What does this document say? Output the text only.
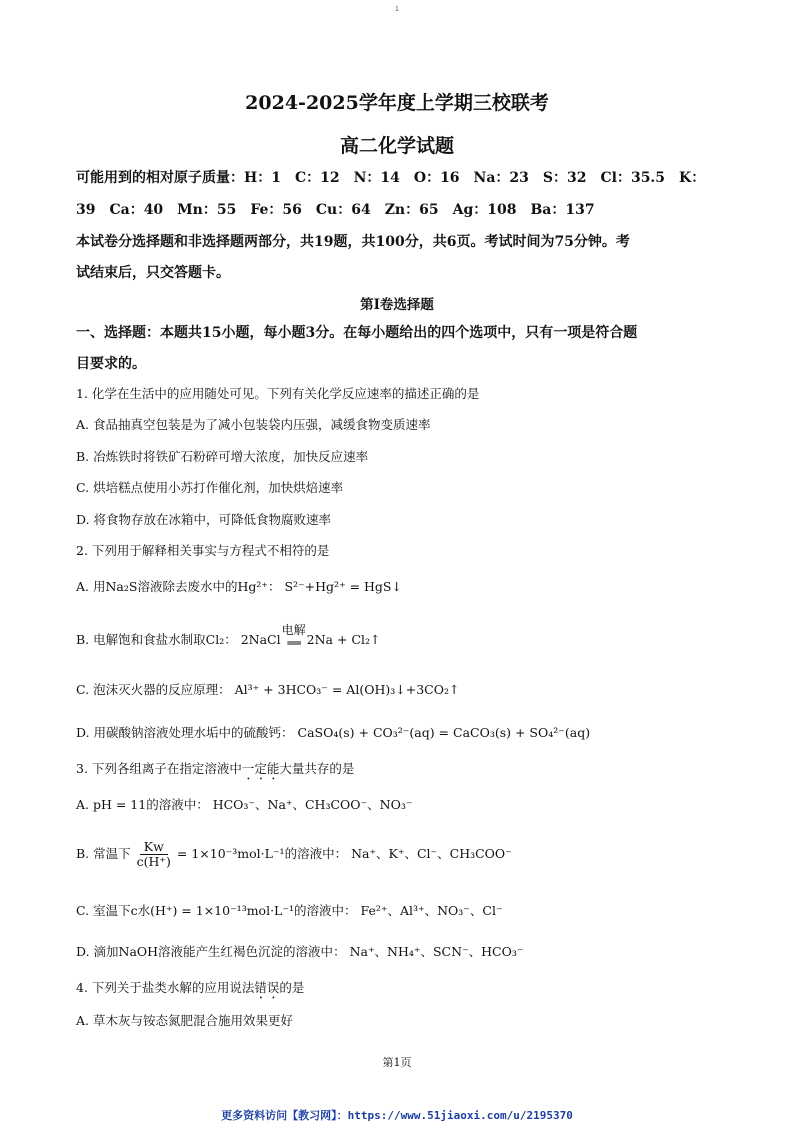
1
2024-2025学年度上学期三校联考
高二化学试题
可能用到的相对原子质量：H：1　C：12　N：14　O：16　Na：23　S：32　Cl：35.5　K：
39　Ca：40　Mn：55　Fe：56　Cu：64　Zn：65　Ag：108　Ba：137
本试卷分选择题和非选择题两部分，共19题，共100分，共6页。考试时间为75分钟。考
试结束后，只交答题卡。
第I卷选择题
一、选择题：本题共15小题，每小题3分。在每小题给出的四个选项中，只有一项是符合题
目要求的。
1. 化学在生活中的应用随处可见。下列有关化学反应速率的描述正确的是
A. 食品抽真空包装是为了减小包装袋内压强，减缓食物变质速率
B. 冶炼铁时将铁矿石粉碎可增大浓度，加快反应速率
C. 烘培糕点使用小苏打作催化剂，加快烘焙速率
D. 将食物存放在冰箱中，可降低食物腐败速率
2. 下列用于解释相关事实与方程式不相符的是
A. 用Na₂S溶液除去废水中的Hg²⁺： S²⁻+Hg²⁺ = HgS↓
B. 电解饱和食盐水制取Cl₂： 2NaCl
电解
══ 2Na + Cl₂↑
C. 泡沫灭火器的反应原理： Al³⁺ + 3HCO₃⁻ = Al(OH)₃↓+3CO₂↑
D. 用碳酸钠溶液处理水垢中的硫酸钙： CaSO₄(s) + CO₃²⁻(aq) = CaCO₃(s) + SO₄²⁻(aq)
3. 下列各组离子在指定溶液中一定能大量共存的是
A. pH = 11的溶液中： HCO₃⁻、Na⁺、CH₃COO⁻、NO₃⁻
B. 常温下 $\frac{Kw}{c(H^+)} = 1\times 10^{-3}mol\cdot L^{-1}$的溶液中： Na⁺、K⁺、Cl⁻、CH₃COO⁻
C. 室温下c水(H⁺) = 1×10⁻¹³mol·L⁻¹的溶液中： Fe²⁺、Al³⁺、NO₃⁻、Cl⁻
D. 滴加NaOH溶液能产生红褐色沉淀的溶液中： Na⁺、NH₄⁺、SCN⁻、HCO₃⁻
4. 下列关于盐类水解的应用说法错误的是
A. 草木灰与铵态氮肥混合施用效果更好
第1页
更多资料访问【教习网】：https://www.51jiaoxi.com/u/2195370
